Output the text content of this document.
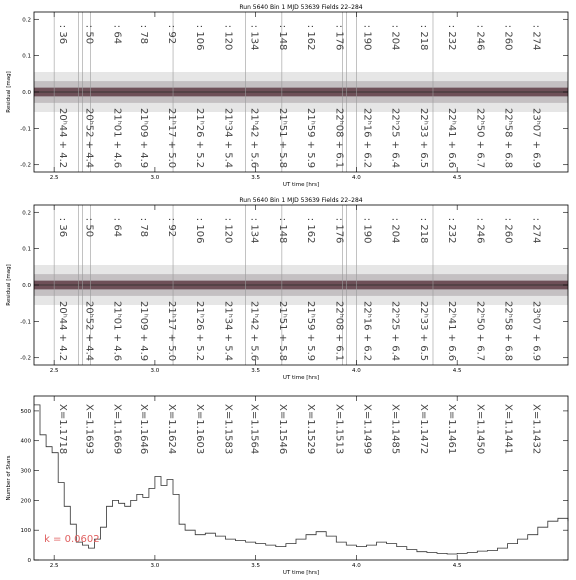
Run 5640 Bin 1 MJD 53639 Fields 22–284
: 36
20ʰ44 + 4.2
: 50
20ʰ52 + 4.4
: 64
21ʰ01 + 4.6
: 78
21ʰ09 + 4.9
: 92
21ʰ17 + 5.0
: 106
21ʰ26 + 5.2
: 120
21ʰ34 + 5.4
: 134
21ʰ42 + 5.6
: 148
21ʰ51 + 5.8
: 162
21ʰ59 + 5.9
: 176
22ʰ08 + 6.1
: 190
22ʰ16 + 6.2
: 204
22ʰ25 + 6.4
: 218
22ʰ33 + 6.5
: 232
22ʰ41 + 6.6
: 246
22ʰ50 + 6.7
: 260
22ʰ58 + 6.8
: 274
23ʰ07 + 6.9
2.5	3.0	3.5	4.0	4.5
0.2
0.1
0.0
-0.1
-0.2
UT time [hrs]
Residual [mag]
Run 5640 Bin 1 MJD 53639 Fields 22–284
: 36
20ʰ44 + 4.2
: 50
20ʰ52 + 4.4
: 64
21ʰ01 + 4.6
: 78
21ʰ09 + 4.9
: 92
21ʰ17 + 5.0
: 106
21ʰ26 + 5.2
: 120
21ʰ34 + 5.4
: 134
21ʰ42 + 5.6
: 148
21ʰ51 + 5.8
: 162
21ʰ59 + 5.9
: 176
22ʰ08 + 6.1
: 190
22ʰ16 + 6.2
: 204
22ʰ25 + 6.4
: 218
22ʰ33 + 6.5
: 232
22ʰ41 + 6.6
: 246
22ʰ50 + 6.7
: 260
22ʰ58 + 6.8
: 274
23ʰ07 + 6.9
2.5	3.0	3.5	4.0	4.5
0.2
0.1
0.0
-0.1
-0.2
UT time [hrs]
Residual [mag]
X=1.1718 X=1.1693 X=1.1669 X=1.1646 X=1.1624 X=1.1603 X=1.1583 X=1.1564 X=1.1546 X=1.1529 X=1.1513 X=1.1499 X=1.1485 X=1.1472 X=1.1461 X=1.1450 X=1.1441 X=1.1432
k = 0.0602
2.5	3.0	3.5	4.0	4.5
0
100
200
300
400
500
UT time [hrs]
Number of Stars
